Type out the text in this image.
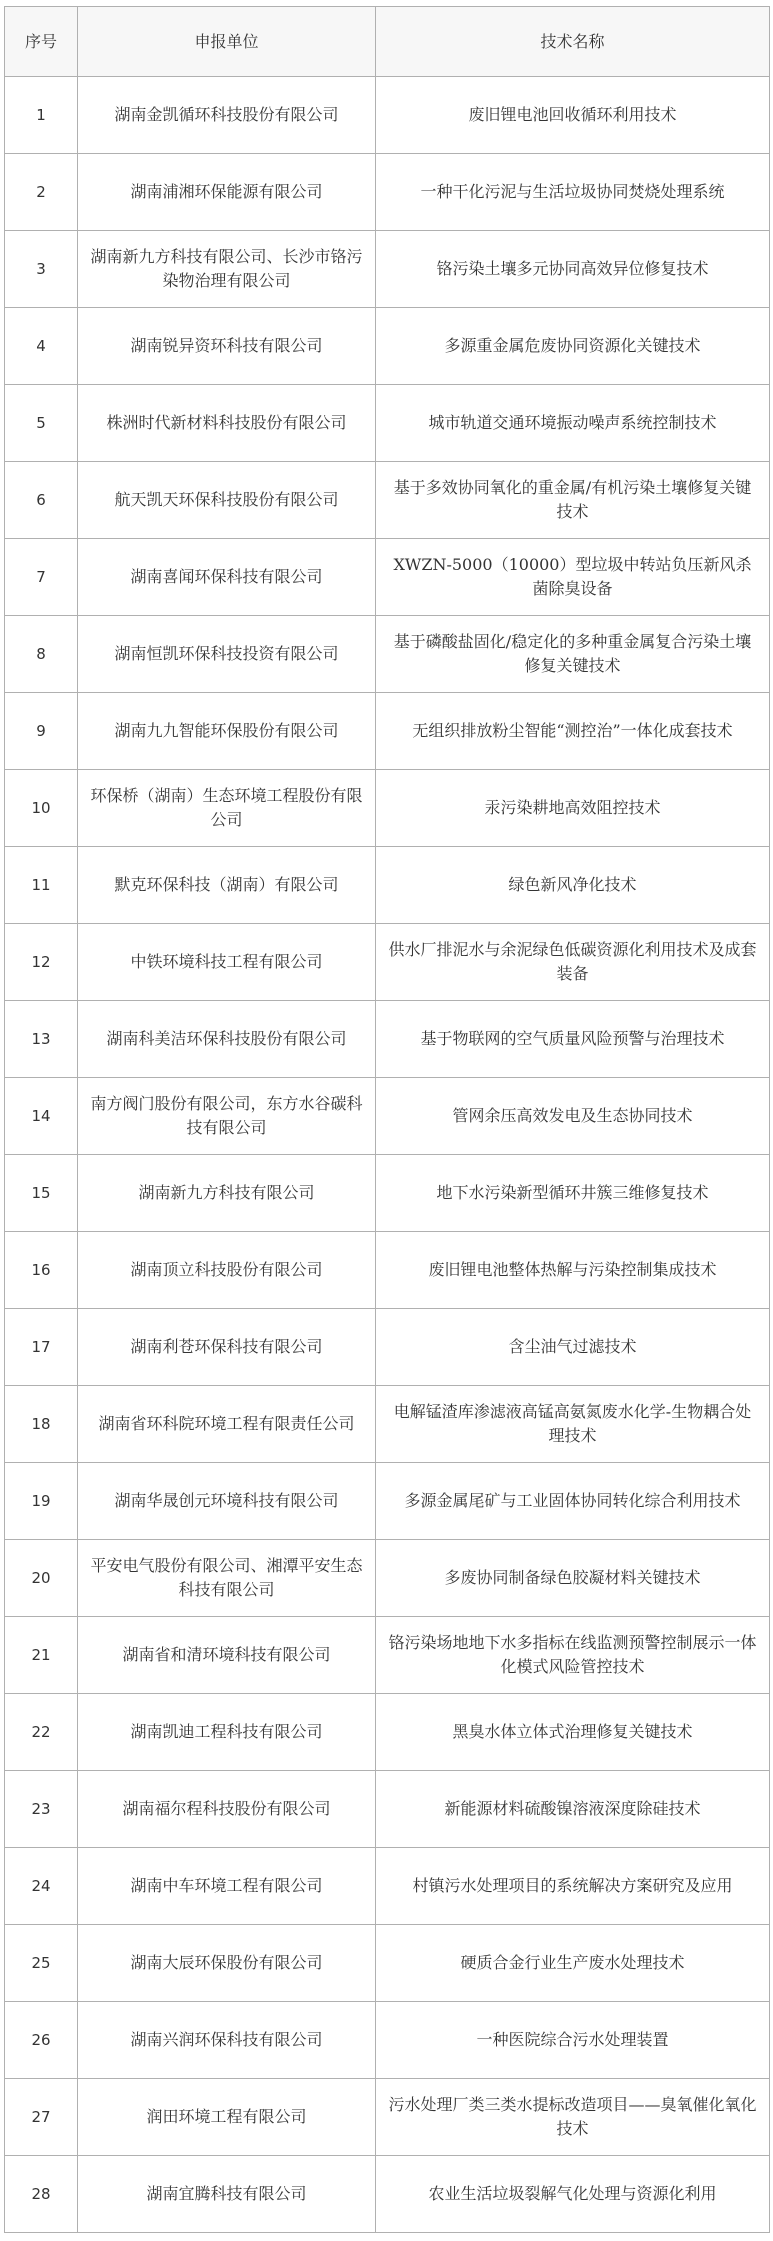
序号	申报单位	技术名称
1	湖南金凯循环科技股份有限公司	废旧锂电池回收循环利用技术
2	湖南浦湘环保能源有限公司	一种干化污泥与生活垃圾协同焚烧处理系统
3	湖南新九方科技有限公司、长沙市铬污染物治理有限公司	铬污染土壤多元协同高效异位修复技术
4	湖南锐异资环科技有限公司	多源重金属危废协同资源化关键技术
5	株洲时代新材料科技股份有限公司	城市轨道交通环境振动噪声系统控制技术
6	航天凯天环保科技股份有限公司	基于多效协同氧化的重金属/有机污染土壤修复关键技术
7	湖南喜闻环保科技有限公司	XWZN-5000（10000）型垃圾中转站负压新风杀菌除臭设备
8	湖南恒凯环保科技投资有限公司	基于磷酸盐固化/稳定化的多种重金属复合污染土壤修复关键技术
9	湖南九九智能环保股份有限公司	无组织排放粉尘智能“测控治”一体化成套技术
10	环保桥（湖南）生态环境工程股份有限公司	汞污染耕地高效阻控技术
11	默克环保科技（湖南）有限公司	绿色新风净化技术
12	中铁环境科技工程有限公司	供水厂排泥水与余泥绿色低碳资源化利用技术及成套装备
13	湖南科美洁环保科技股份有限公司	基于物联网的空气质量风险预警与治理技术
14	南方阀门股份有限公司，东方水谷碳科技有限公司	管网余压高效发电及生态协同技术
15	湖南新九方科技有限公司	地下水污染新型循环井簇三维修复技术
16	湖南顶立科技股份有限公司	废旧锂电池整体热解与污染控制集成技术
17	湖南利苍环保科技有限公司	含尘油气过滤技术
18	湖南省环科院环境工程有限责任公司	电解锰渣库渗滤液高锰高氨氮废水化学-生物耦合处理技术
19	湖南华晟创元环境科技有限公司	多源金属尾矿与工业固体协同转化综合利用技术
20	平安电气股份有限公司、湘潭平安生态科技有限公司	多废协同制备绿色胶凝材料关键技术
21	湖南省和清环境科技有限公司	铬污染场地地下水多指标在线监测预警控制展示一体化模式风险管控技术
22	湖南凯迪工程科技有限公司	黑臭水体立体式治理修复关键技术
23	湖南福尔程科技股份有限公司	新能源材料硫酸镍溶液深度除硅技术
24	湖南中车环境工程有限公司	村镇污水处理项目的系统解决方案研究及应用
25	湖南大辰环保股份有限公司	硬质合金行业生产废水处理技术
26	湖南兴润环保科技有限公司	一种医院综合污水处理装置
27	润田环境工程有限公司	污水处理厂类三类水提标改造项目——臭氧催化氧化技术
28	湖南宜腾科技有限公司	农业生活垃圾裂解气化处理与资源化利用
